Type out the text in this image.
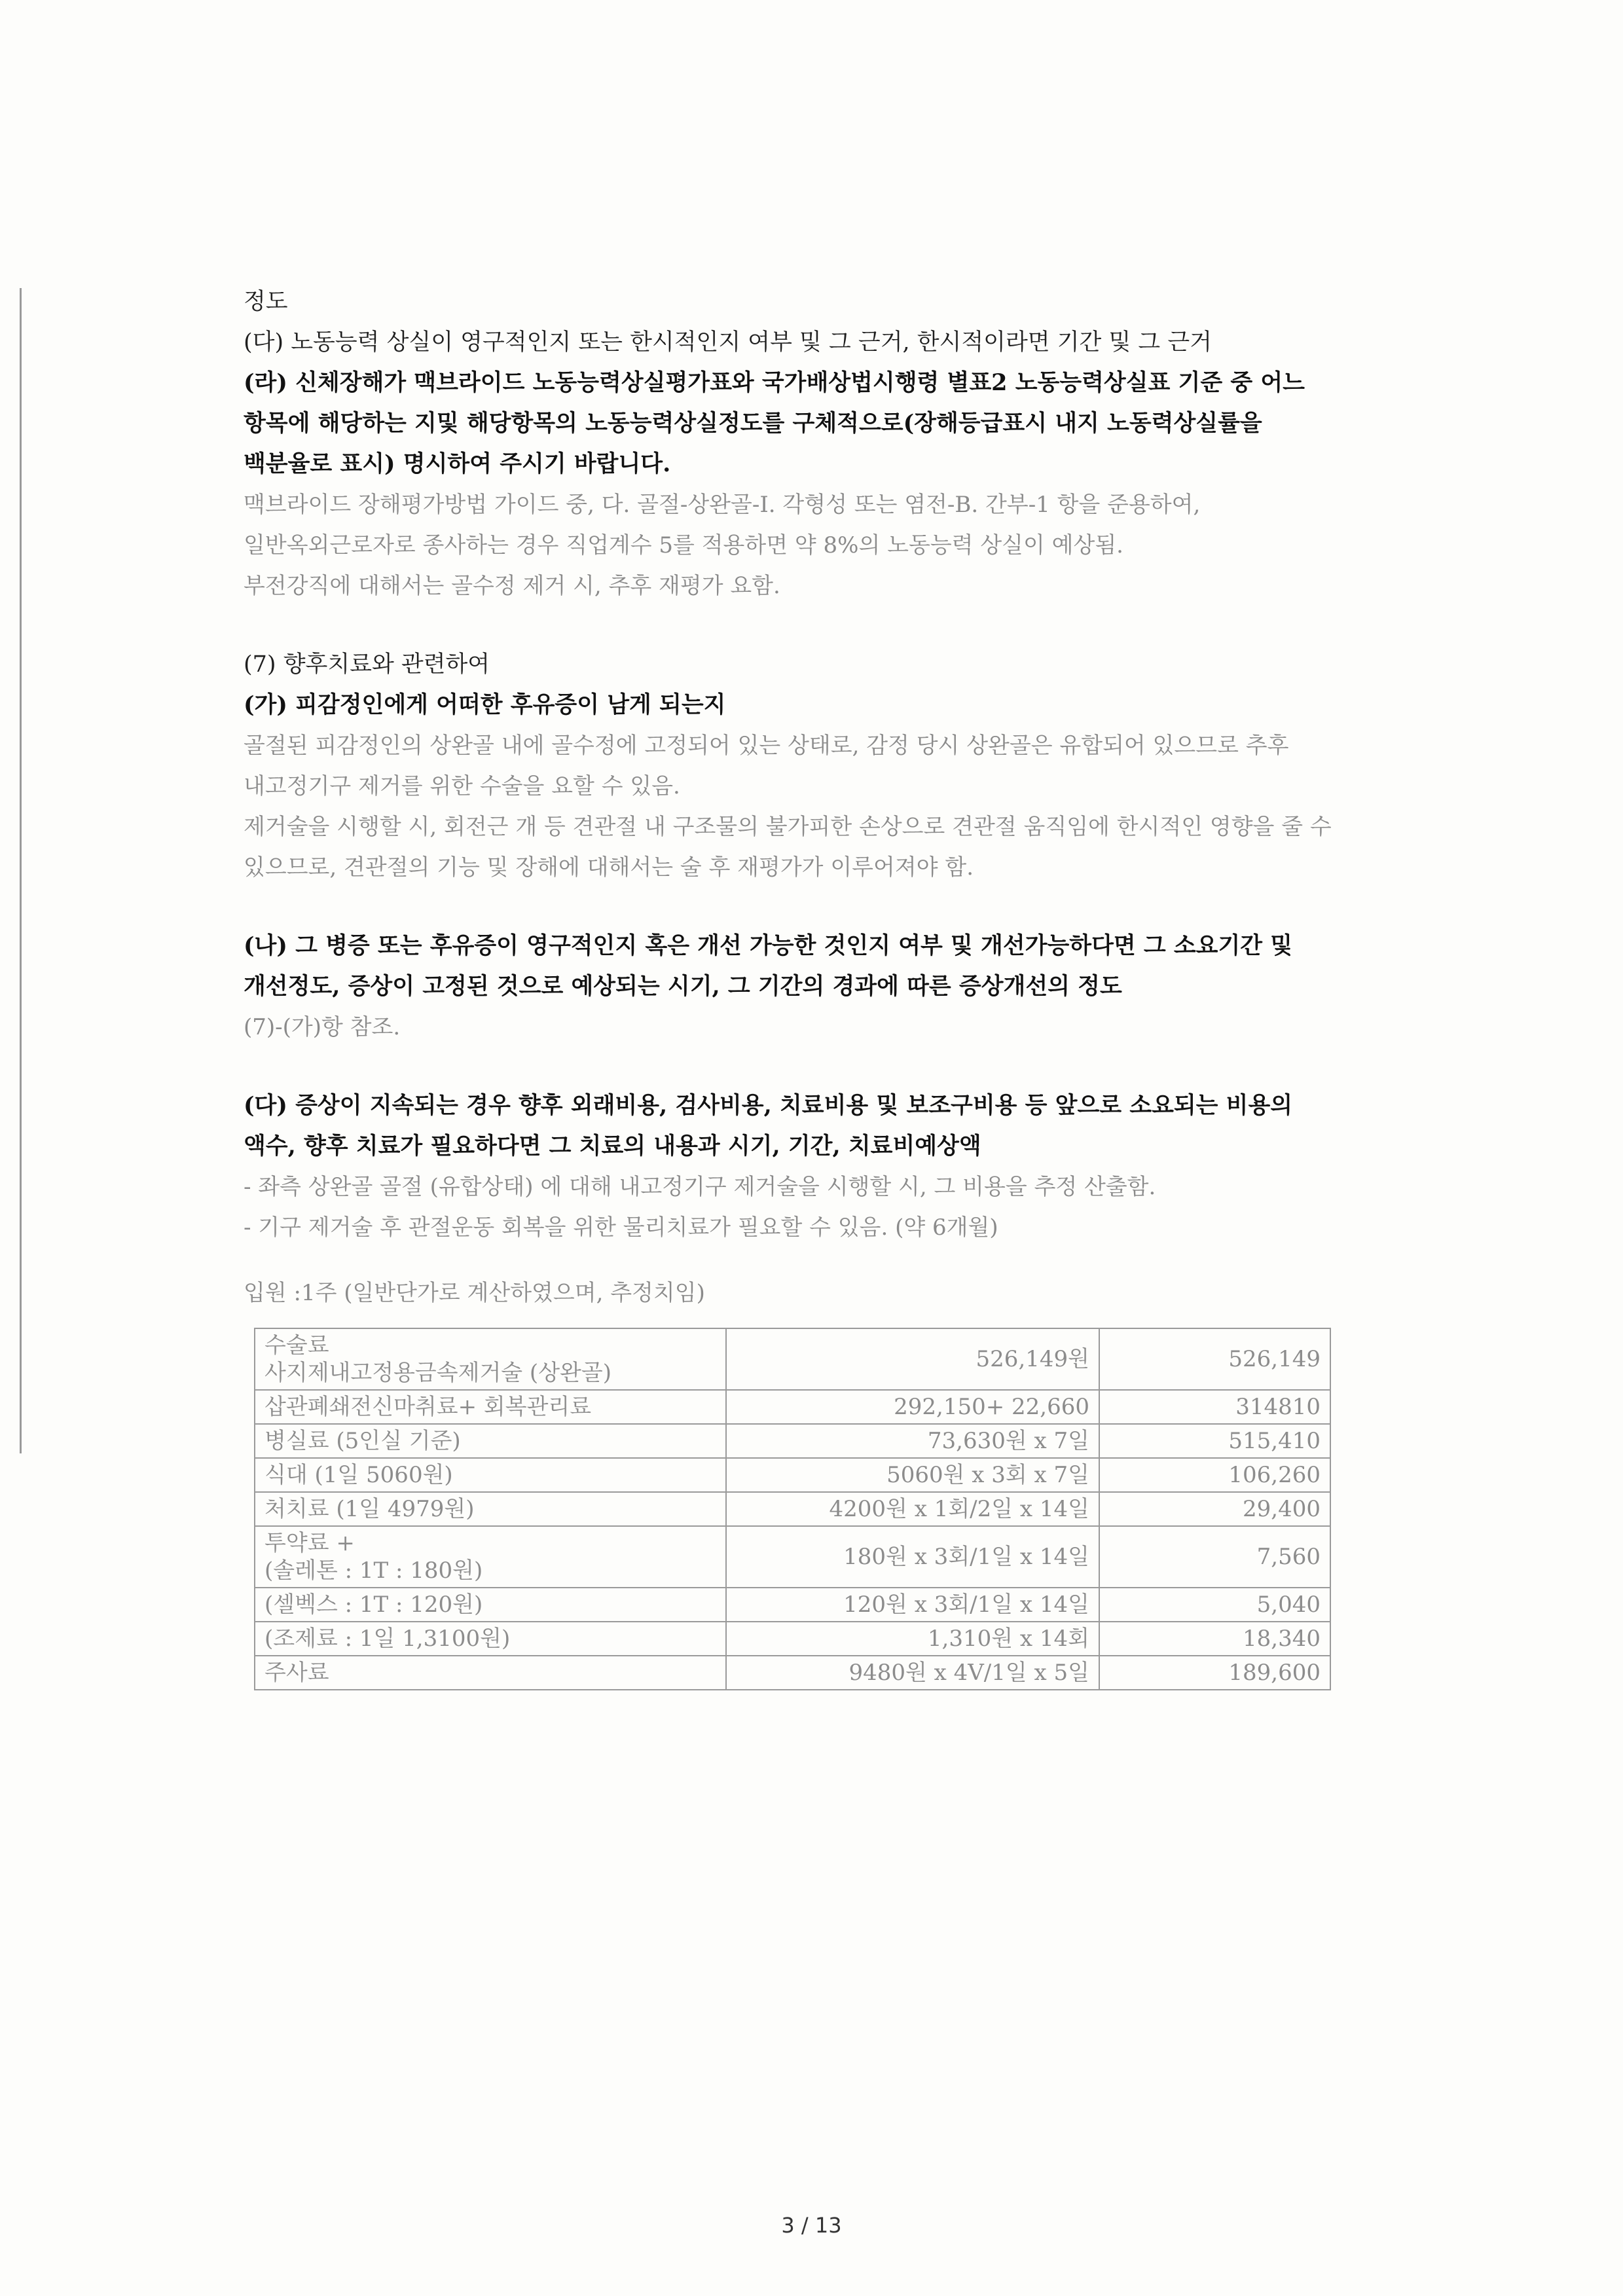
정도

(다) 노동능력 상실이 영구적인지 또는 한시적인지 여부 및 그 근거, 한시적이라면 기간 및 그 근거

(라) 신체장해가 맥브라이드 노동능력상실평가표와 국가배상법시행령 별표2 노동능력상실표 기준 중 어느 항목에 해당하는 지및 해당항목의 노동능력상실정도를 구체적으로(장해등급표시 내지 노동력상실률을 백분율로 표시) 명시하여 주시기 바랍니다.

맥브라이드 장해평가방법 가이드 중, 다. 골절-상완골-I. 각형성 또는 염전-B. 간부-1 항을 준용하여, 일반옥외근로자로 종사하는 경우 직업계수 5를 적용하면 약 8%의 노동능력 상실이 예상됨.

부전강직에 대해서는 골수정 제거 시, 추후 재평가 요함.

(7) 향후치료와 관련하여

(가) 피감정인에게 어떠한 후유증이 남게 되는지

골절된 피감정인의 상완골 내에 골수정에 고정되어 있는 상태로, 감정 당시 상완골은 유합되어 있으므로 추후 내고정기구 제거를 위한 수술을 요할 수 있음.

제거술을 시행할 시, 회전근 개 등 견관절 내 구조물의 불가피한 손상으로 견관절 움직임에 한시적인 영향을 줄 수 있으므로, 견관절의 기능 및 장해에 대해서는 술 후 재평가가 이루어져야 함.

(나) 그 병증 또는 후유증이 영구적인지 혹은 개선 가능한 것인지 여부 및 개선가능하다면 그 소요기간 및 개선정도, 증상이 고정된 것으로 예상되는 시기, 그 기간의 경과에 따른 증상개선의 정도

(7)-(가)항 참조.

(다) 증상이 지속되는 경우 향후 외래비용, 검사비용, 치료비용 및 보조구비용 등 앞으로 소요되는 비용의 액수, 향후 치료가 필요하다면 그 치료의 내용과 시기, 기간, 치료비예상액

- 좌측 상완골 골절 (유합상태) 에 대해 내고정기구 제거술을 시행할 시, 그 비용을 추정 산출함.

- 기구 제거술 후 관절운동 회복을 위한 물리치료가 필요할 수 있음. (약 6개월)

입원 :1주 (일반단가로 계산하였으며, 추정치임)

수술료
사지제내고정용금속제거술 (상완골)	526,149원	526,149
삽관폐쇄전신마취료+ 회복관리료	292,150+ 22,660	314810
병실료 (5인실 기준)	73,630원 x 7일	515,410
식대 (1일 5060원)	5060원 x 3회 x 7일	106,260
처치료 (1일 4979원)	4200원 x 1회/2일 x 14일	29,400

투약료 +
(솔레톤 : 1T : 180원)	180원 x 3회/1일 x 14일	7,560
(셀벡스 : 1T : 120원)	120원 x 3회/1일 x 14일	5,040
(조제료 : 1일 1,3100원)	1,310원 x 14회	18,340
주사료	9480원 x 4V/1일 x 5일	189,600
3 / 13
